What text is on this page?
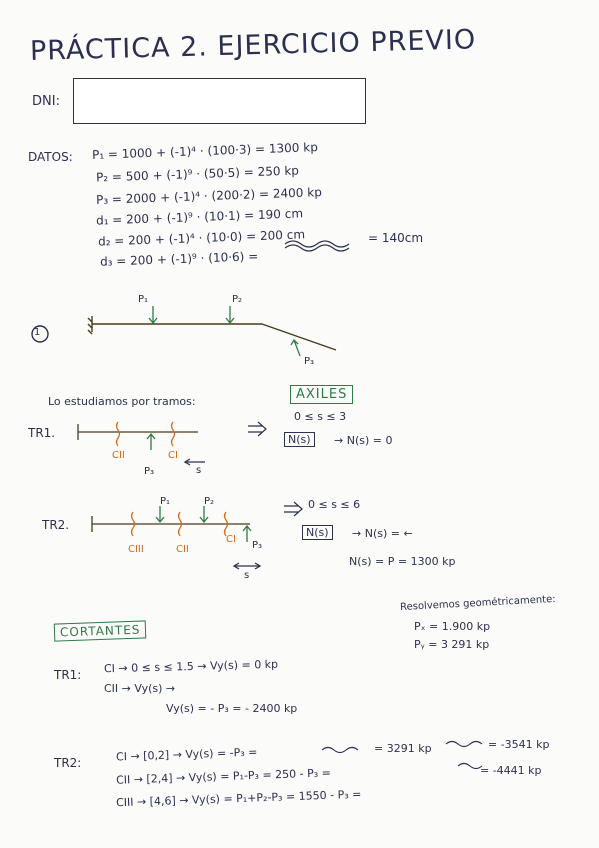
PRÁCTICA 2. EJERCICIO PREVIO
DNI:
DATOS: P₁ = 1000 + (-1)⁴ · (100·3) = 1300 kp
P₂ = 500 + (-1)⁹ · (50·5) = 250 kp
P₃ = 2000 + (-1)⁴ · (200·2) = 2400 kp
d₁ = 200 + (-1)⁹ · (10·1) = 190 cm
d₂ = 200 + (-1)⁴ · (10·0) = 200 cm
d₃ = 200 + (-1)⁹ · (10·6) =
= 140cm
1
P₁	P₂
P₃
Lo estudiamos por tramos:	AXILES
0 ≤ s ≤ 3
N(s)	→ N(s) = 0
TR1.
CII	CI
P₃	s
0 ≤ s ≤ 6
N(s)	→ N(s) = ←
N(s) = P = 1300 kp
TR2.
CIII	CII
CI
P₁	P₂
P₃
s
CORTANTES
Resolvemos geométricamente:
Pₓ = 1.900 kp
Pᵧ = 3 291 kp
TR1: CI → 0 ≤ s ≤ 1.5 → Vy(s) = 0 kp
CII → Vy(s) →
Vy(s) = - P₃ = - 2400 kp
TR2:	CI → [0,2] → Vy(s) = -P₃ =
CII → [2,4] → Vy(s) = P₁-P₃ = 250 - P₃ =
CIII → [4,6] → Vy(s) = P₁+P₂-P₃ = 1550 - P₃ =
= 3291 kp	= -3541 kp
= -4441 kp
